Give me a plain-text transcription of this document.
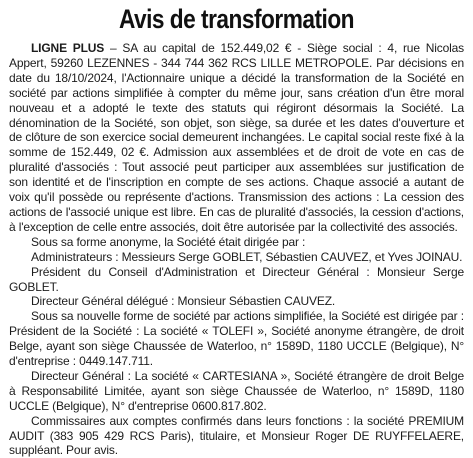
Avis de transformation

LIGNE PLUS – SA au capital de 152.449,02 € - Siège social : 4, rue Nicolas Appert, 59260 LEZENNES - 344 744 362 RCS LILLE METROPOLE. Par décisions en date du 18/10/2024, l'Actionnaire unique a décidé la transformation de la Société en société par actions simplifiée à compter du même jour, sans création d'un être moral nouveau et a adopté le texte des statuts qui régiront désormais la Société. La dénomination de la Société, son objet, son siège, sa durée et les dates d'ouverture et de clôture de son exercice social demeurent inchangées. Le capital social reste fixé à la somme de 152.449, 02 €. Admission aux assemblées et de droit de vote en cas de pluralité d'associés : Tout associé peut participer aux assemblées sur justification de son identité et de l'inscription en compte de ses actions. Chaque associé a autant de voix qu'il possède ou représente d'actions. Transmission des actions : La cession des actions de l'associé unique est libre. En cas de pluralité d'associés, la cession d'actions, à l'exception de celle entre associés, doit être autorisée par la collectivité des associés.

Sous sa forme anonyme, la Société était dirigée par :

Administrateurs : Messieurs Serge GOBLET, Sébastien CAUVEZ, et Yves JOINAU.

Président du Conseil d'Administration et Directeur Général : Monsieur Serge GOBLET.

Directeur Général délégué : Monsieur Sébastien CAUVEZ.

Sous sa nouvelle forme de société par actions simplifiée, la Société est dirigée par : Président de la Société : La société « TOLEFI », Société anonyme étrangère, de droit Belge, ayant son siège Chaussée de Waterloo, n° 1589D, 1180 UCCLE (Belgique), N° d'entreprise : 0449.147.711.

Directeur Général : La société « CARTESIANA », Société étrangère de droit Belge à Responsabilité Limitée, ayant son siège Chaussée de Waterloo, n° 1589D, 1180 UCCLE (Belgique), N° d'entreprise 0600.817.802.

Commissaires aux comptes confirmés dans leurs fonctions : la société PREMIUM AUDIT (383 905 429 RCS Paris), titulaire, et Monsieur Roger DE RUYFFELAERE, suppléant. Pour avis.
